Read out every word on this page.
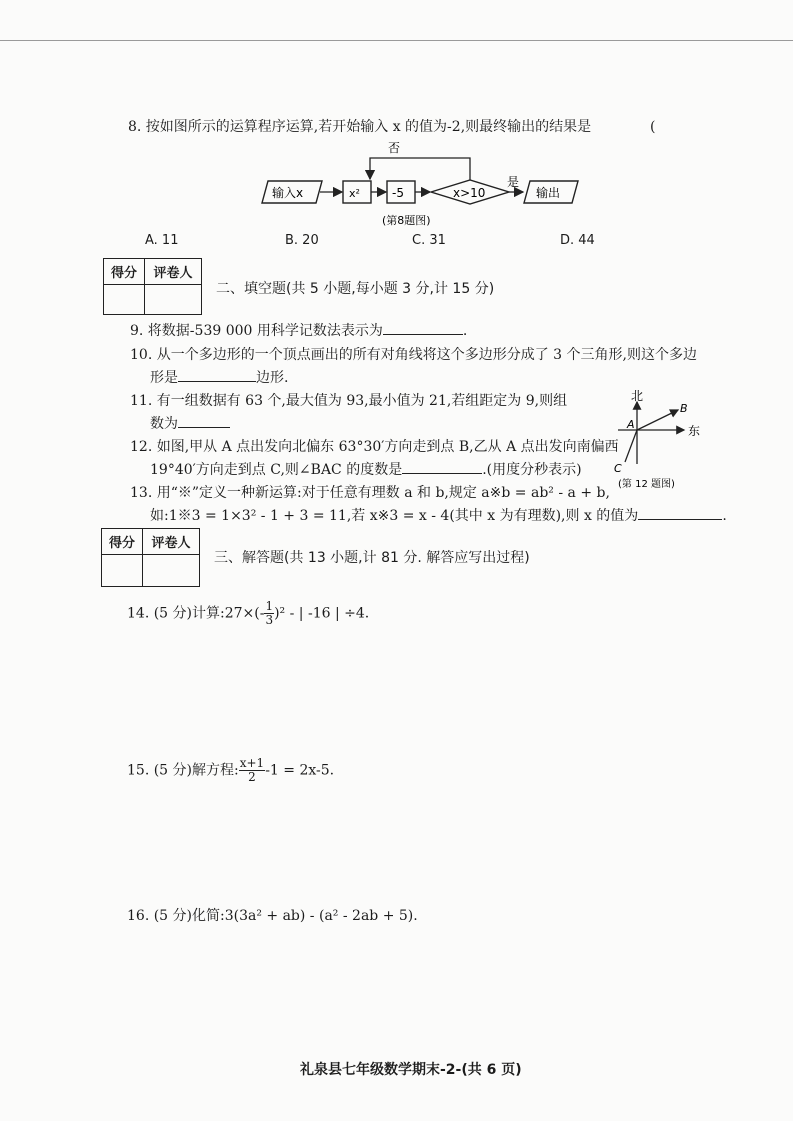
8. 按如图所示的运算程序运算,若开始输入 x 的值为-2,则最终输出的结果是	(
否
输入x	x²	-5	x>10
是
输出
(第8题图)
A. 11	B. 20	C. 31	D. 44
得分	评卷人

二、填空题(共 5 小题,每小题 3 分,计 15 分)
9. 将数据-539 000 用科学记数法表示为	.
10. 从一个多边形的一个顶点画出的所有对角线将这个多边形分成了 3 个三角形,则这个多边
形是	边形.
11. 有一组数据有 63 个,最大值为 93,最小值为 21,若组距定为 9,则组
数为
12. 如图,甲从 A 点出发向北偏东 63°30′方向走到点 B,乙从 A 点出发向南偏西
19°40′方向走到点 C,则∠BAC 的度数是	.(用度分秒表示)
北
东
A
B
C
(第 12 题图)
13. 用“※”定义一种新运算:对于任意有理数 a 和 b,规定 a※b = ab² - a + b,
如:1※3 = 1×3² - 1 + 3 = 11,若 x※3 = x - 4(其中 x 为有理数),则 x 的值为	.
得分	评卷人

三、解答题(共 13 小题,计 81 分. 解答应写出过程)
14. (5 分)计算:27×(- $\frac{1}{3} )^2$ - | -16 | ÷4.
15. (5 分)解方程: $\frac{x+1}{2} -1 = 2x-5$.
16. (5 分)化简:3(3a² + ab) - (a² - 2ab + 5).
礼泉县七年级数学期末-2-(共 6 页)
